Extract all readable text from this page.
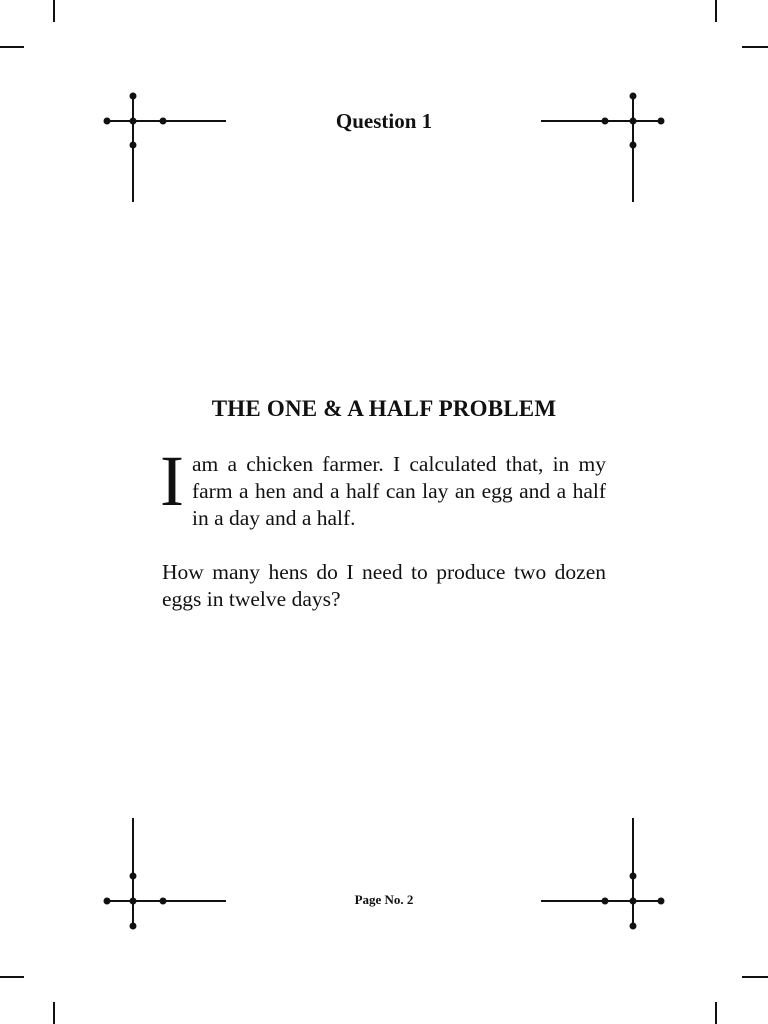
Question 1
THE ONE & A HALF PROBLEM

Iam a chicken farmer. I calculated that, in my farm a hen and a half can lay an egg and a half in a day and a half.

How many hens do I need to produce two dozen eggs in twelve days?

Page No. 2
